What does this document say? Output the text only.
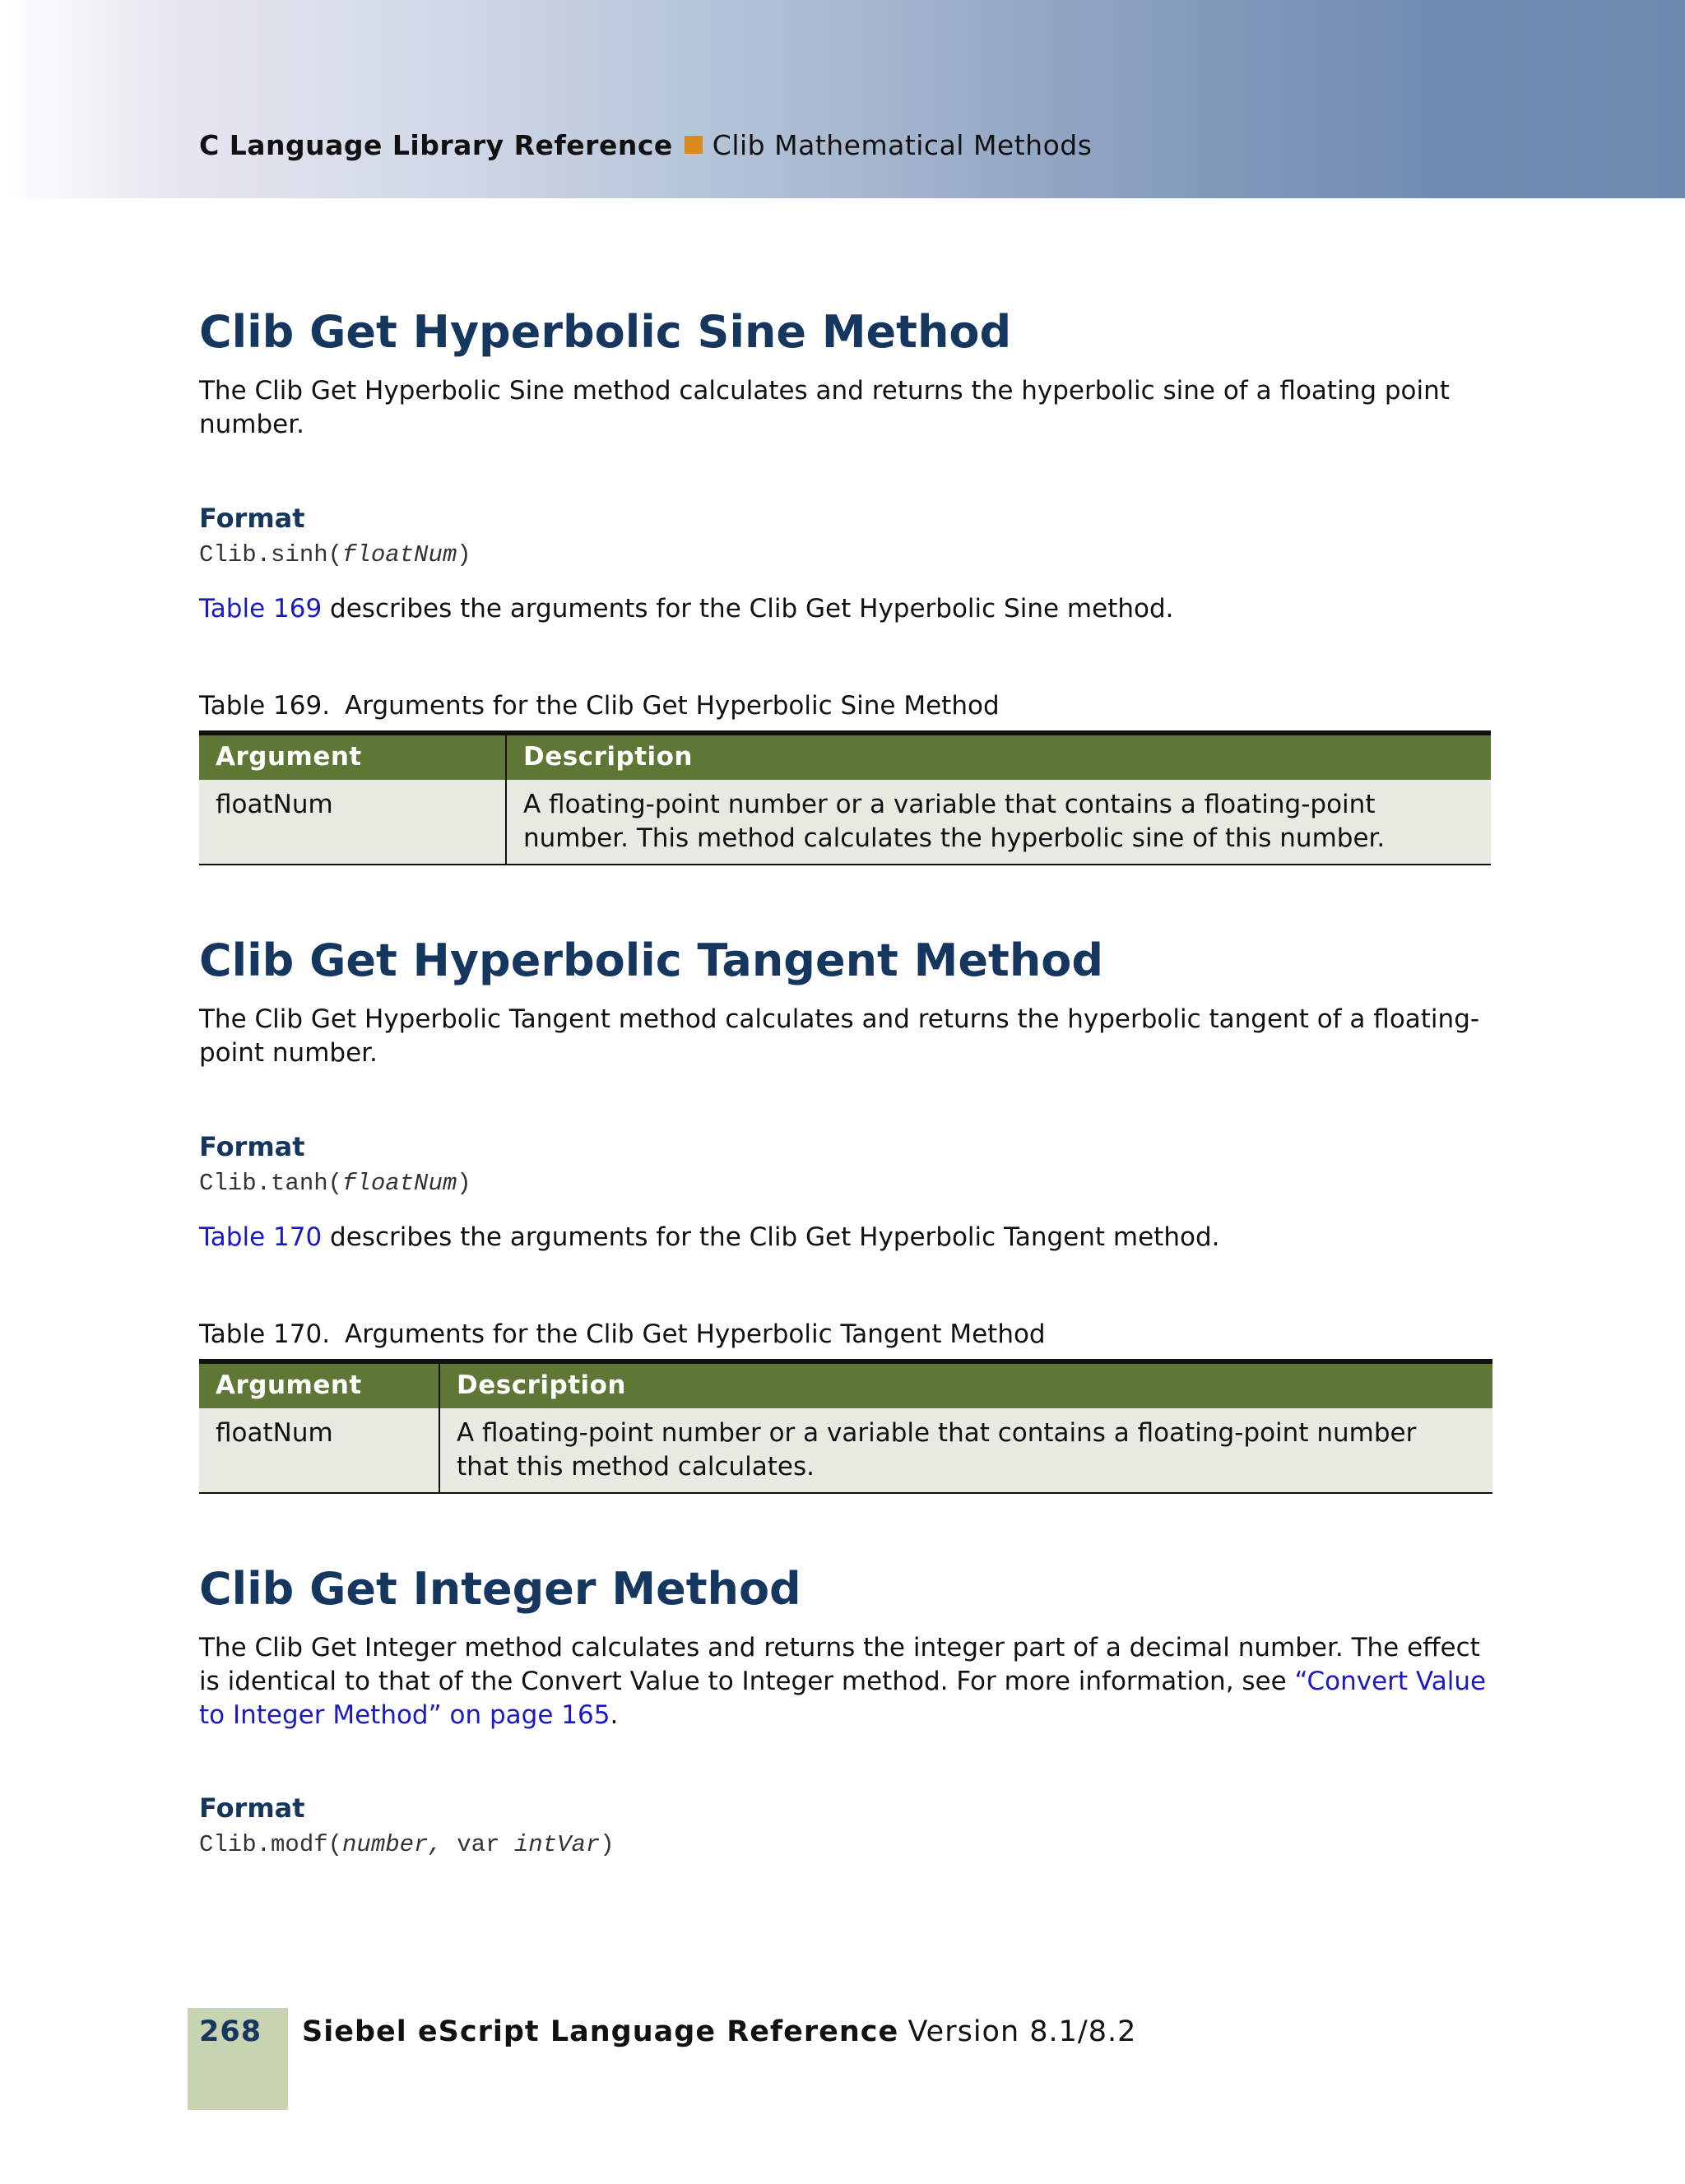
C Language Library Reference Clib Mathematical Methods
Clib Get Hyperbolic Sine Method

The Clib Get Hyperbolic Sine method calculates and returns the hyperbolic sine of a floating point number.

Format
Clib.sinh(floatNum)

Table 169 describes the arguments for the Clib Get Hyperbolic Sine method.

Table 169. Arguments for the Clib Get Hyperbolic Sine Method
Argument	Description
floatNum	A floating-point number or a variable that contains a floating-point number. This method calculates the hyperbolic sine of this number.
Clib Get Hyperbolic Tangent Method

The Clib Get Hyperbolic Tangent method calculates and returns the hyperbolic tangent of a floating-point number.

Format
Clib.tanh(floatNum)

Table 170 describes the arguments for the Clib Get Hyperbolic Tangent method.

Table 170. Arguments for the Clib Get Hyperbolic Tangent Method
Argument	Description
floatNum	A floating-point number or a variable that contains a floating-point number that this method calculates.
Clib Get Integer Method

The Clib Get Integer method calculates and returns the integer part of a decimal number. The effect is identical to that of the Convert Value to Integer method. For more information, see “Convert Value to Integer Method” on page 165.

Format
Clib.modf(number, var intVar)
268 Siebel eScript Language Reference Version 8.1/8.2
